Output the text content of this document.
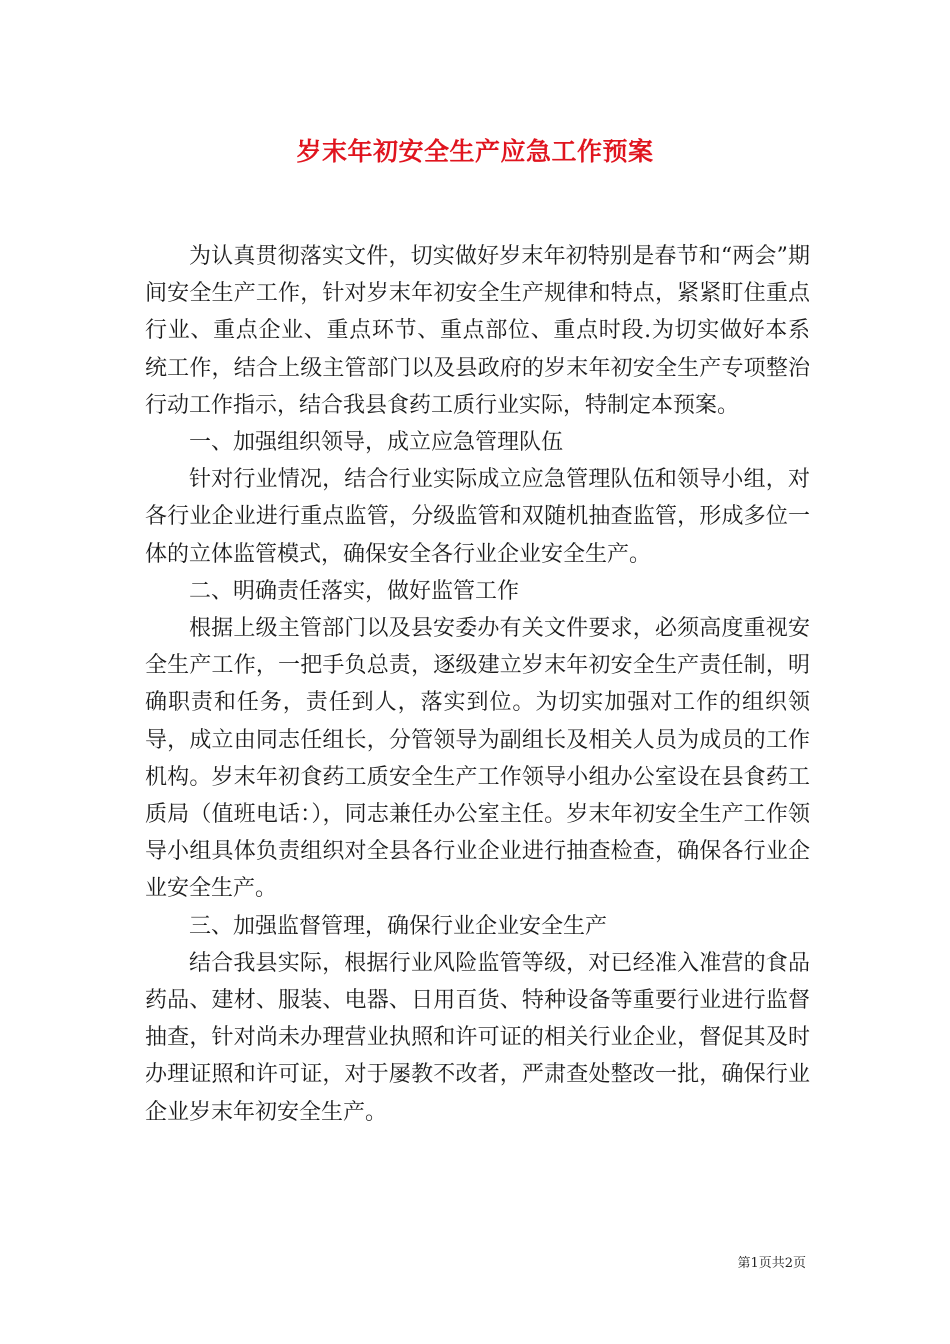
岁末年初安全生产应急工作预案

为认真贯彻落实文件，切实做好岁末年初特别是春节和“两会”期间安全生产工作，针对岁末年初安全生产规律和特点，紧紧盯住重点行业、重点企业、重点环节、重点部位、重点时段.为切实做好本系统工作，结合上级主管部门以及县政府的岁末年初安全生产专项整治行动工作指示，结合我县食药工质行业实际，特制定本预案。

一、加强组织领导，成立应急管理队伍

针对行业情况，结合行业实际成立应急管理队伍和领导小组，对各行业企业进行重点监管，分级监管和双随机抽查监管，形成多位一体的立体监管模式，确保安全各行业企业安全生产。

二、明确责任落实，做好监管工作

根据上级主管部门以及县安委办有关文件要求，必须高度重视安全生产工作，一把手负总责，逐级建立岁末年初安全生产责任制，明确职责和任务，责任到人，落实到位。为切实加强对工作的组织领导，成立由同志任组长，分管领导为副组长及相关人员为成员的工作机构。岁末年初食药工质安全生产工作领导小组办公室设在县食药工质局（值班电话：），同志兼任办公室主任。岁末年初安全生产工作领导小组具体负责组织对全县各行业企业进行抽查检查，确保各行业企业安全生产。

三、加强监督管理，确保行业企业安全生产

结合我县实际，根据行业风险监管等级，对已经准入准营的食品药品、建材、服装、电器、日用百货、特种设备等重要行业进行监督抽查，针对尚未办理营业执照和许可证的相关行业企业，督促其及时办理证照和许可证，对于屡教不改者，严肃查处整改一批，确保行业企业岁末年初安全生产。

第1页共2页
